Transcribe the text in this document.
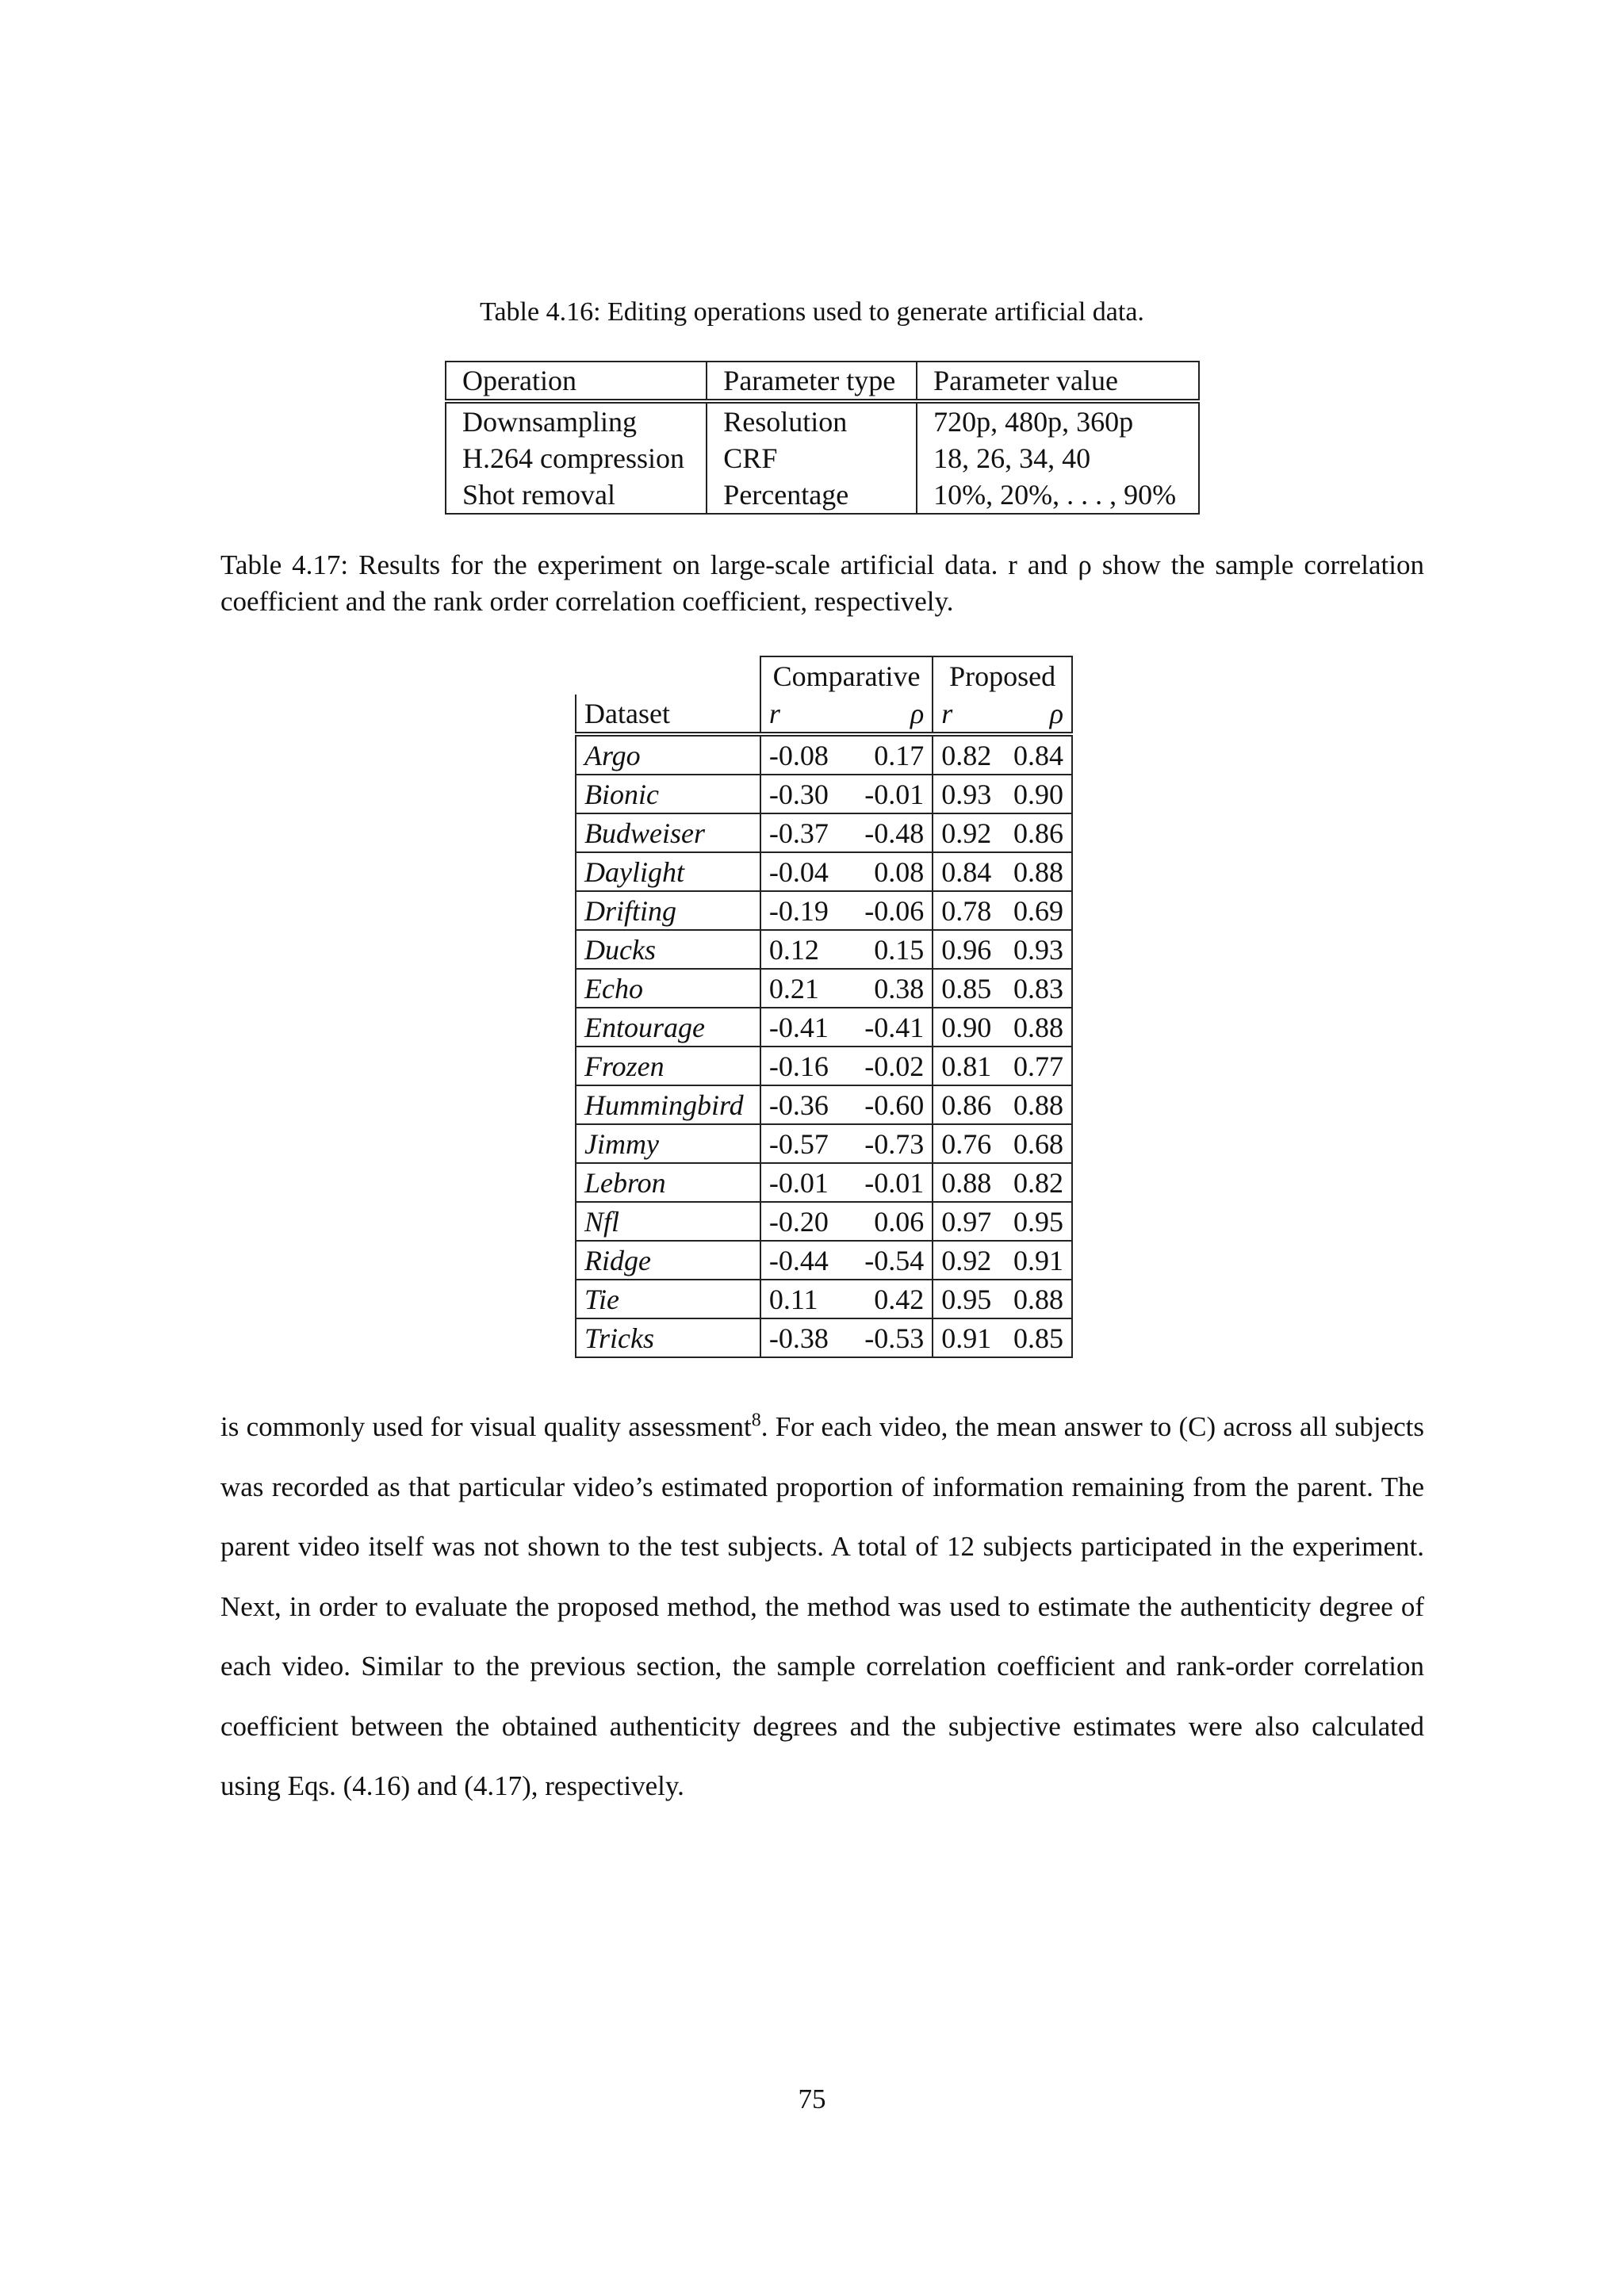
Table 4.16: Editing operations used to generate artificial data.
Operation	Parameter type	Parameter value
Downsampling	Resolution	720p, 480p, 360p
H.264 compression	CRF	18, 26, 34, 40
Shot removal	Percentage	10%, 20%, . . . , 90%
Table 4.17: Results for the experiment on large-scale artificial data. r and ρ show the sample correlation coefficient and the rank order correlation coefficient, respectively.
	Comparative		Proposed	
Dataset	r	ρ	r	ρ
Argo	-0.08	0.17	0.82	0.84
Bionic	-0.30	-0.01	0.93	0.90
Budweiser	-0.37	-0.48	0.92	0.86
Daylight	-0.04	0.08	0.84	0.88
Drifting	-0.19	-0.06	0.78	0.69
Ducks	0.12	0.15	0.96	0.93
Echo	0.21	0.38	0.85	0.83
Entourage	-0.41	-0.41	0.90	0.88
Frozen	-0.16	-0.02	0.81	0.77
Hummingbird	-0.36	-0.60	0.86	0.88
Jimmy	-0.57	-0.73	0.76	0.68
Lebron	-0.01	-0.01	0.88	0.82
Nfl	-0.20	0.06	0.97	0.95
Ridge	-0.44	-0.54	0.92	0.91
Tie	0.11	0.42	0.95	0.88
Tricks	-0.38	-0.53	0.91	0.85

is commonly used for visual quality assessment$^8$. For each video, the mean answer to (C) across all subjects was recorded as that particular video’s estimated proportion of information remaining from the parent. The parent video itself was not shown to the test subjects. A total of 12 subjects participated in the experiment. Next, in order to evaluate the proposed method, the method was used to estimate the authenticity degree of each video. Similar to the previous section, the sample correlation coefficient and rank-order correlation coefficient between the obtained authenticity degrees and the subjective estimates were also calculated using Eqs. (4.16) and (4.17), respectively.

75
